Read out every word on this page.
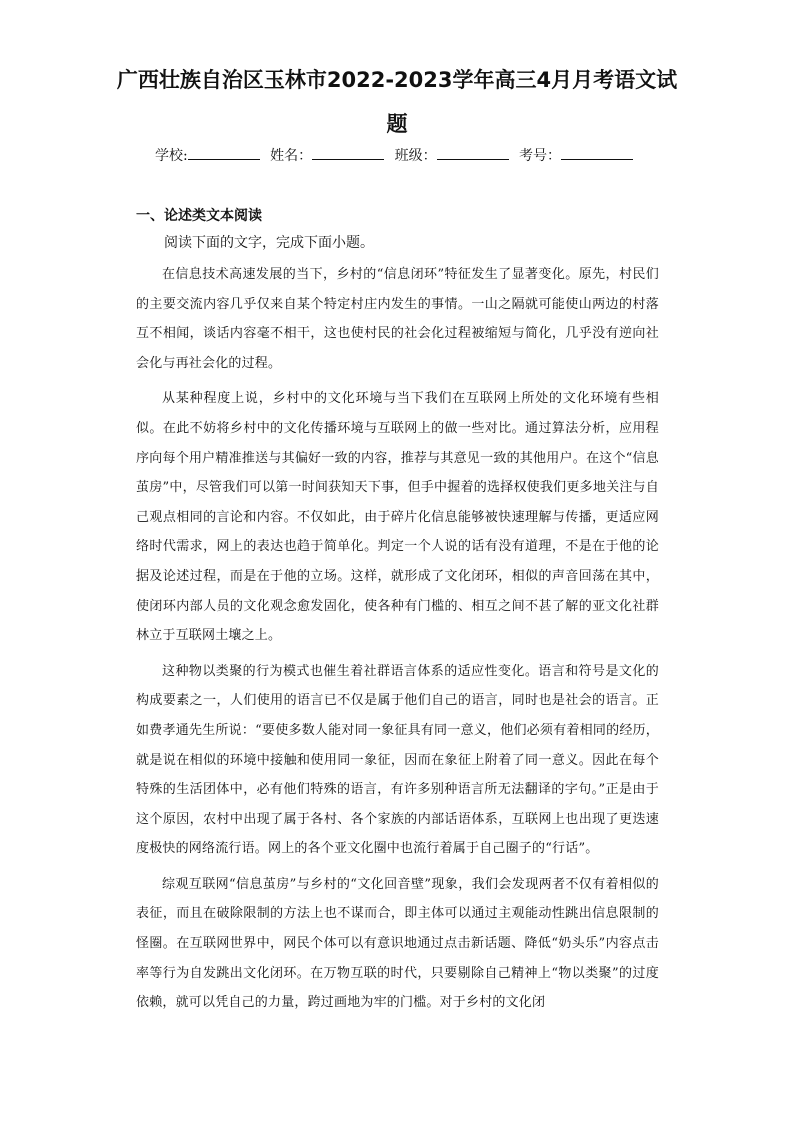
广西壮族自治区玉林市2022-2023学年高三4月月考语文试题
学校:	姓名：	班级：	考号：
一、论述类文本阅读

阅读下面的文字，完成下面小题。

在信息技术高速发展的当下，乡村的“信息闭环”特征发生了显著变化。原先，村民们的主要交流内容几乎仅来自某个特定村庄内发生的事情。一山之隔就可能使山两边的村落互不相闻，谈话内容毫不相干，这也使村民的社会化过程被缩短与简化，几乎没有逆向社会化与再社会化的过程。

从某种程度上说，乡村中的文化环境与当下我们在互联网上所处的文化环境有些相似。在此不妨将乡村中的文化传播环境与互联网上的做一些对比。通过算法分析，应用程序向每个用户精准推送与其偏好一致的内容，推荐与其意见一致的其他用户。在这个“信息茧房”中，尽管我们可以第一时间获知天下事，但手中握着的选择权使我们更多地关注与自己观点相同的言论和内容。不仅如此，由于碎片化信息能够被快速理解与传播，更适应网络时代需求，网上的表达也趋于简单化。判定一个人说的话有没有道理，不是在于他的论据及论述过程，而是在于他的立场。这样，就形成了文化闭环，相似的声音回荡在其中，使闭环内部人员的文化观念愈发固化，使各种有门槛的、相互之间不甚了解的亚文化社群林立于互联网土壤之上。

这种物以类聚的行为模式也催生着社群语言体系的适应性变化。语言和符号是文化的构成要素之一，人们使用的语言已不仅是属于他们自己的语言，同时也是社会的语言。正如费孝通先生所说：“要使多数人能对同一象征具有同一意义，他们必须有着相同的经历，就是说在相似的环境中接触和使用同一象征，因而在象征上附着了同一意义。因此在每个特殊的生活团体中，必有他们特殊的语言，有许多别种语言所无法翻译的字句。”正是由于这个原因，农村中出现了属于各村、各个家族的内部话语体系，互联网上也出现了更迭速度极快的网络流行语。网上的各个亚文化圈中也流行着属于自己圈子的“行话”。

综观互联网“信息茧房”与乡村的“文化回音壁”现象，我们会发现两者不仅有着相似的表征，而且在破除限制的方法上也不谋而合，即主体可以通过主观能动性跳出信息限制的怪圈。在互联网世界中，网民个体可以有意识地通过点击新话题、降低“奶头乐”内容点击率等行为自发跳出文化闭环。在万物互联的时代，只要剔除自己精神上“物以类聚”的过度依赖，就可以凭自己的力量，跨过画地为牢的门槛。对于乡村的文化闭
